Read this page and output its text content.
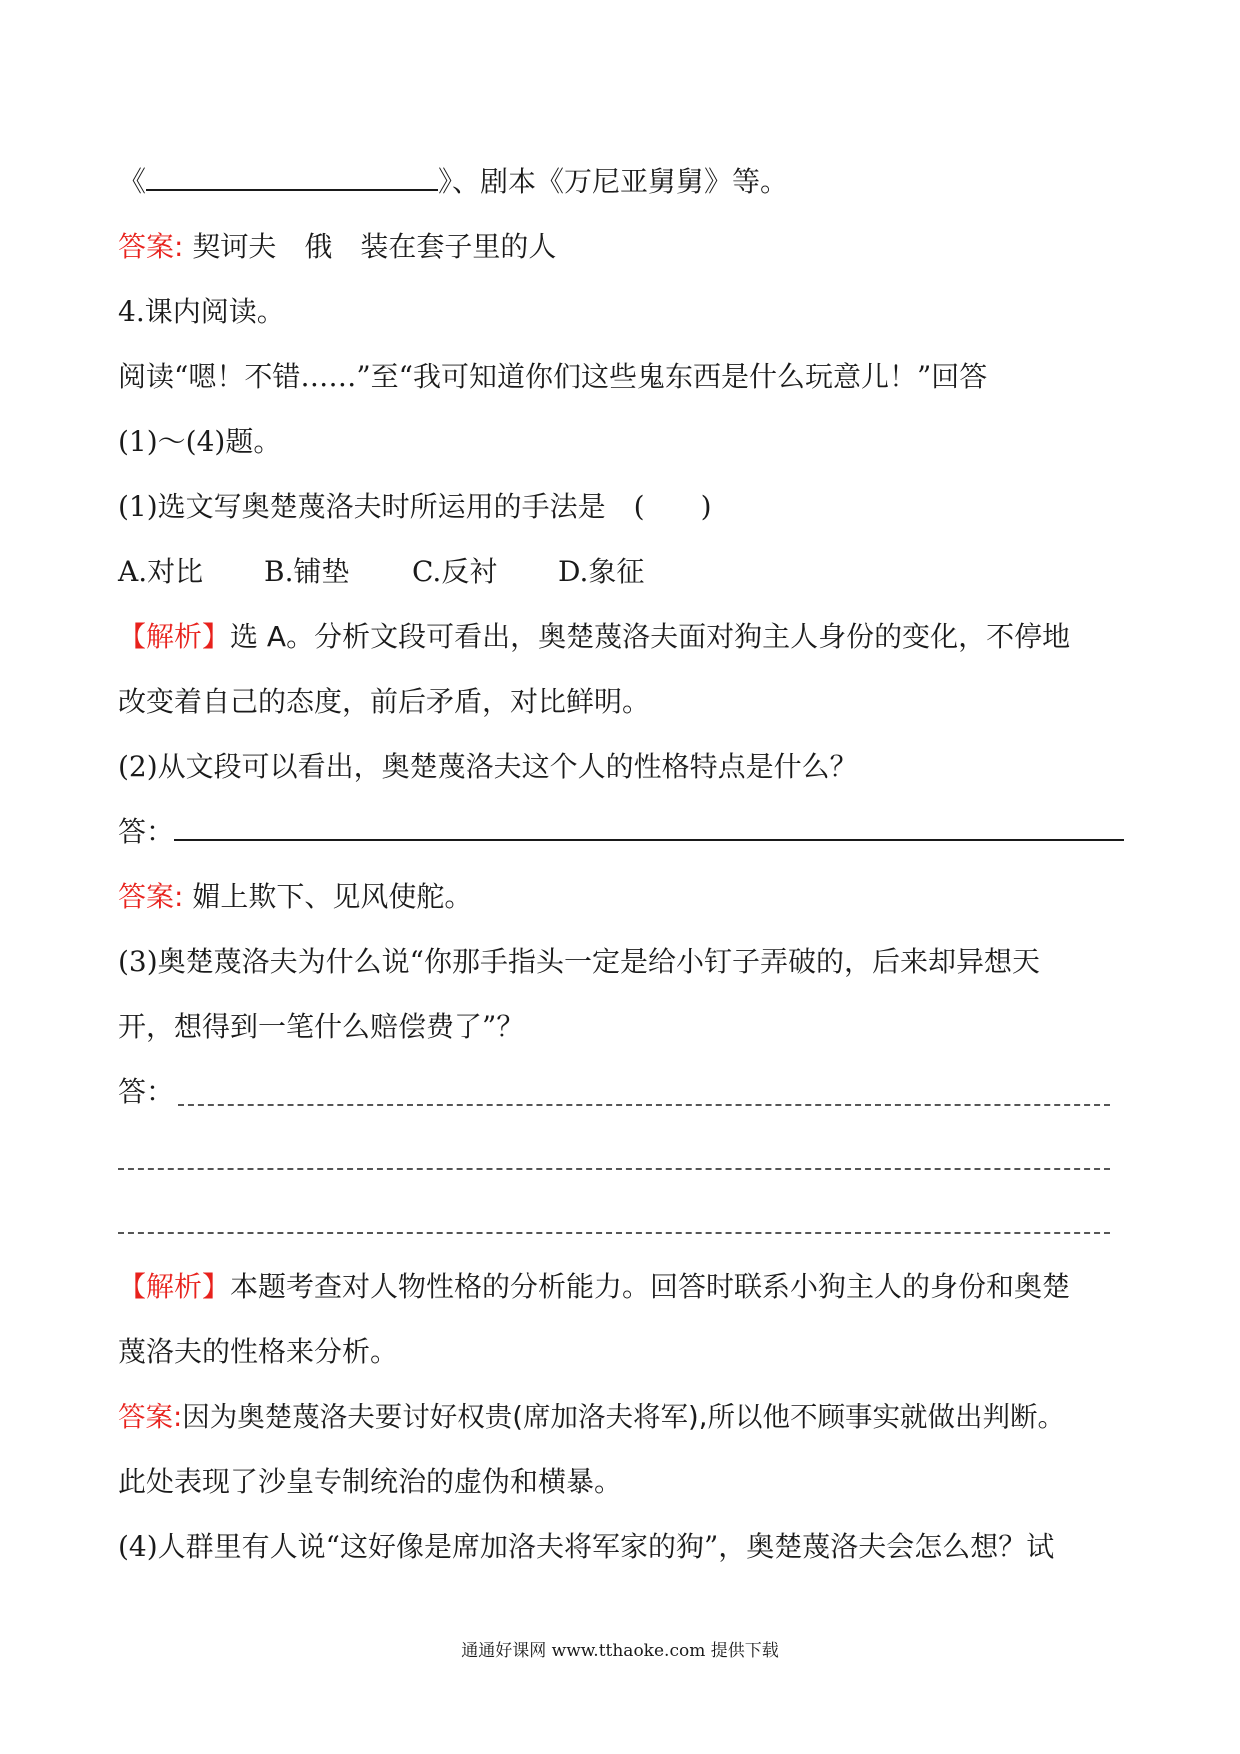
《	》、剧本《万尼亚舅舅》等。
答案: 契诃夫　俄　装在套子里的人
4.课内阅读。
阅读“嗯！不错……”至“我可知道你们这些鬼东西是什么玩意儿！”回答
(1)～(4)题。
(1)选文写奥楚蔑洛夫时所运用的手法是　(　　)
A.对比 B.铺垫 C.反衬 D.象征
【解析】选 A。分析文段可看出，奥楚蔑洛夫面对狗主人身份的变化，不停地
改变着自己的态度，前后矛盾，对比鲜明。
(2)从文段可以看出，奥楚蔑洛夫这个人的性格特点是什么？
答：
答案: 媚上欺下、见风使舵。
(3)奥楚蔑洛夫为什么说“你那手指头一定是给小钉子弄破的，后来却异想天
开，想得到一笔什么赔偿费了”？
答：
【解析】本题考查对人物性格的分析能力。回答时联系小狗主人的身份和奥楚
蔑洛夫的性格来分析。
答案:因为奥楚蔑洛夫要讨好权贵(席加洛夫将军),所以他不顾事实就做出判断。
此处表现了沙皇专制统治的虚伪和横暴。
(4)人群里有人说“这好像是席加洛夫将军家的狗”，奥楚蔑洛夫会怎么想？试
通通好课网 www.tthaoke.com 提供下载
